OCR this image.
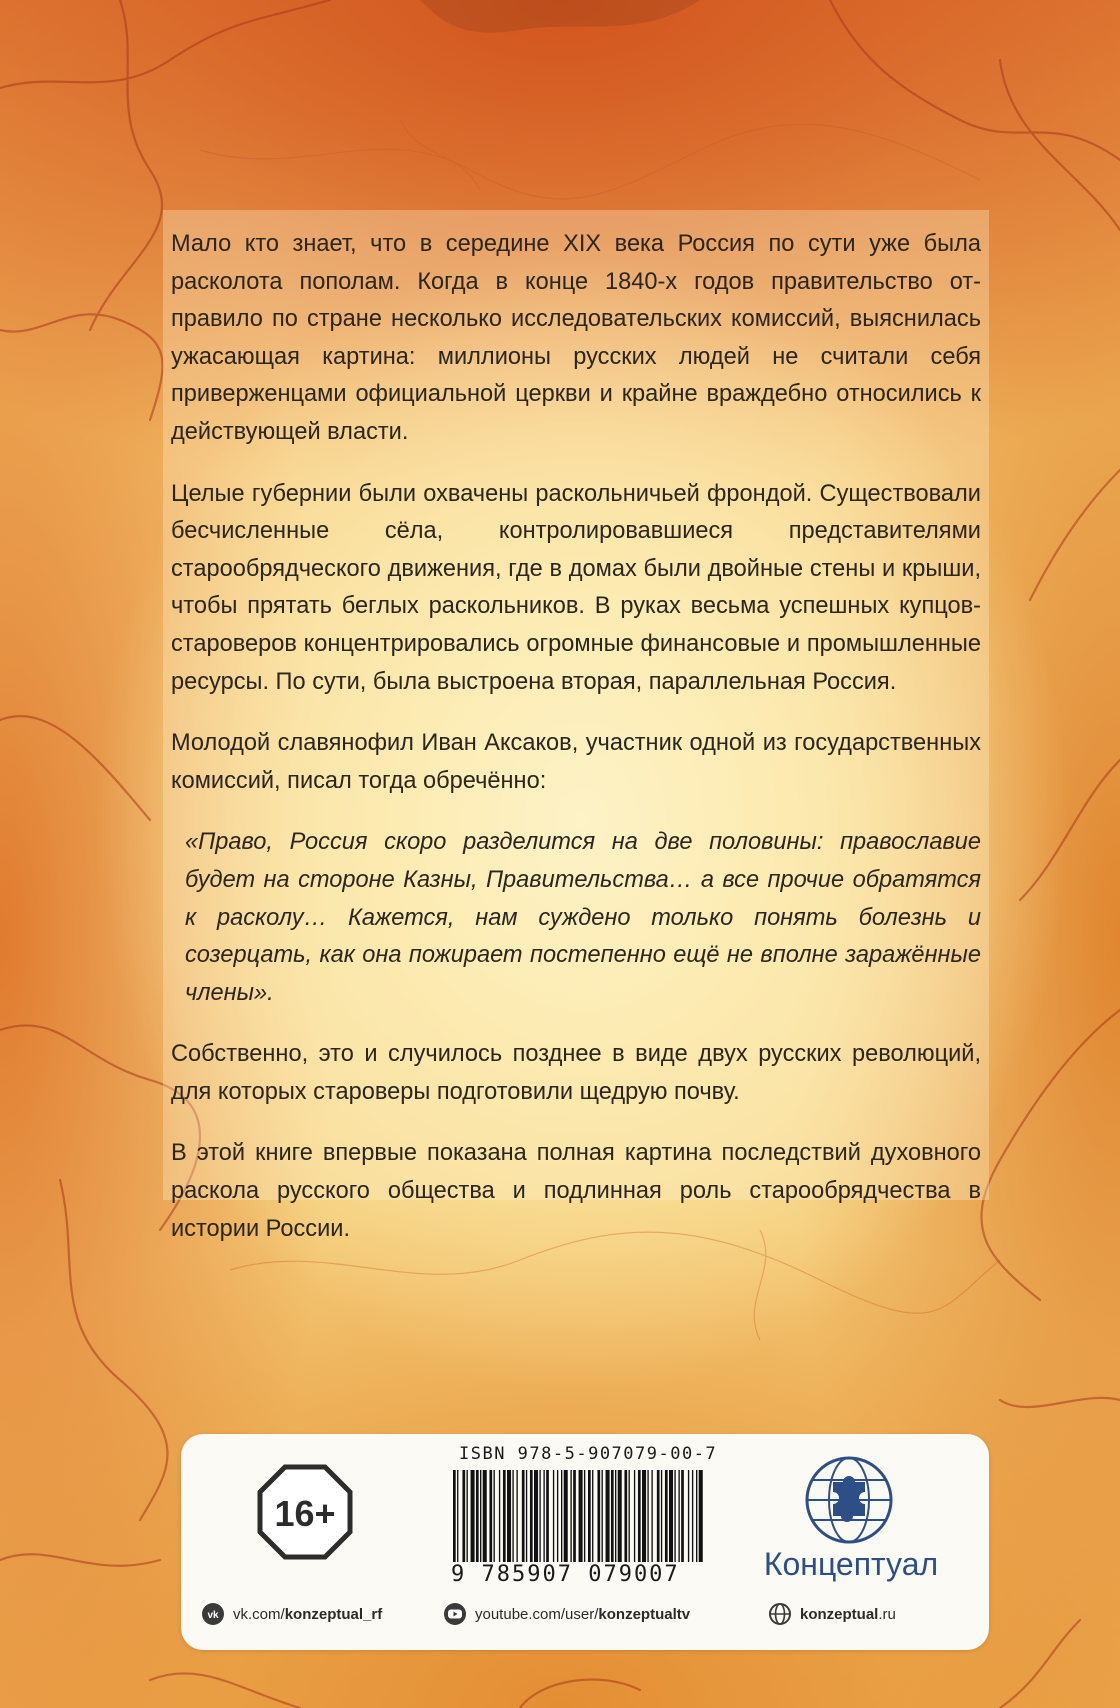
Мало кто знает, что в середине XIX века Россия по сути уже была расколота пополам. Когда в конце 1840-х годов правительство отправило по стране несколько исследовательских комиссий, выяснилась ужасающая картина: миллионы русских людей не считали себя приверженцами официальной церкви и крайне враждебно относились к действующей власти.

Целые губернии были охвачены раскольничьей фрондой. Существовали бесчисленные сёла, контролировавшиеся представителями старообрядческого движения, где в домах были двойные стены и крыши, чтобы прятать беглых раскольников. В руках весьма успешных купцов-староверов концентрировались огромные финансовые и промышленные ресурсы. По сути, была выстроена вторая, параллельная Россия.

Молодой славянофил Иван Аксаков, участник одной из государственных комиссий, писал тогда обречённо:

«Право, Россия скоро разделится на две половины: православие будет на стороне Казны, Правительства… а все прочие обратятся к расколу… Кажется, нам суждено только понять болезнь и созерцать, как она пожирает постепенно ещё не вполне заражённые члены».

Собственно, это и случилось позднее в виде двух русских революций, для которых староверы подготовили щедрую почву.

В этой книге впервые показана полная картина последствий духовного раскола русского общества и подлинная роль старообрядчества в истории России.

16+
ISBN 978-5-907079-00-7
9 785907 079007	Концептуал
vk vk.com/konzeptual_rf	youtube.com/user/konzeptualtv	konzeptual.ru
